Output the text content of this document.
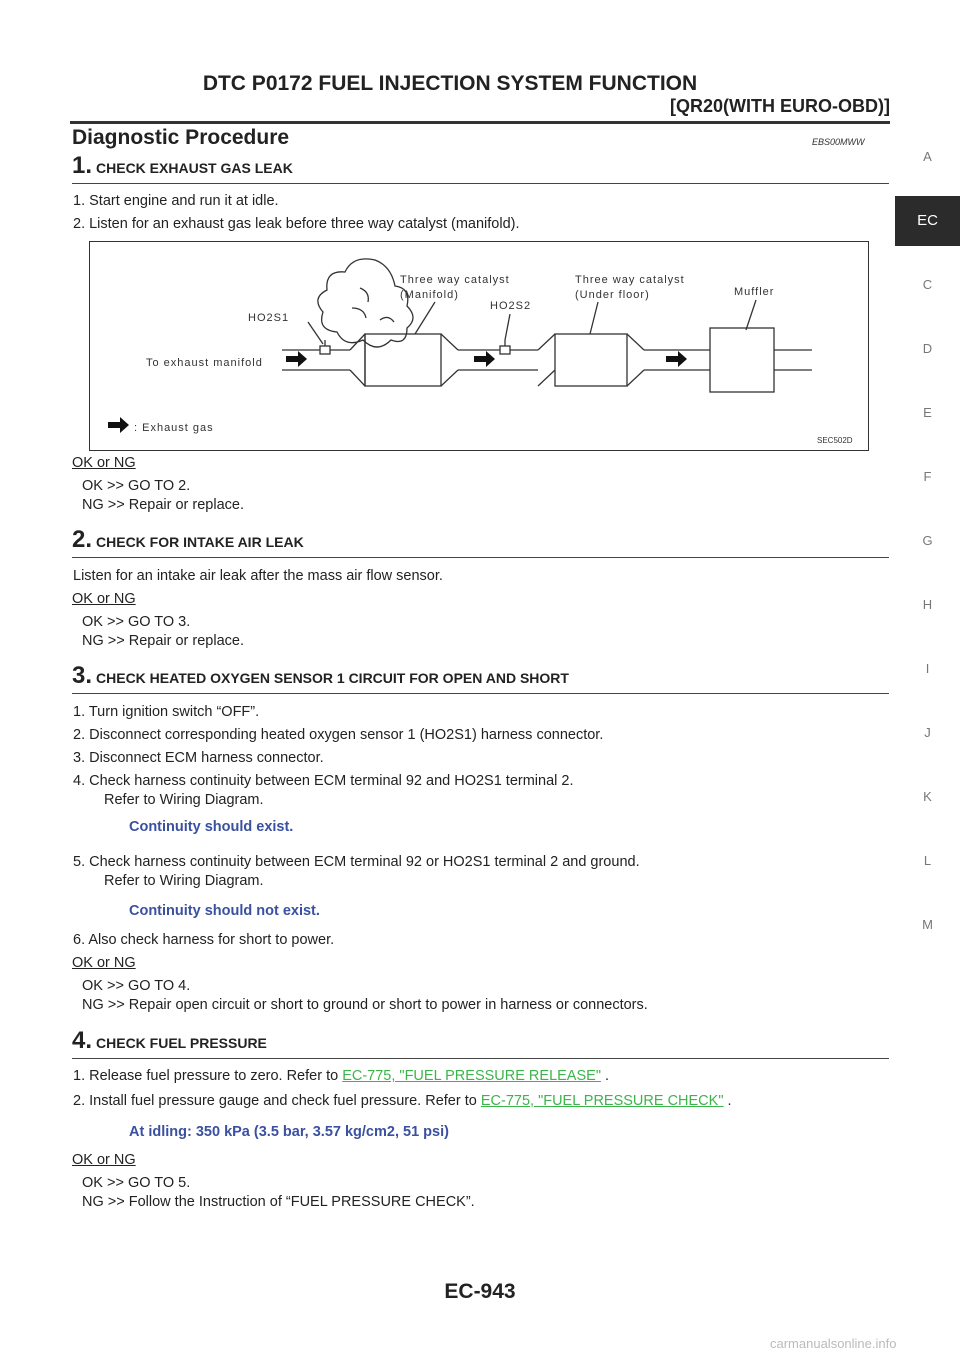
DTC P0172 FUEL INJECTION SYSTEM FUNCTION
[QR20(WITH EURO-OBD)]
Diagnostic Procedure	EBS00MWW
EC
A
C
D
E
F
G
H
I
J
K
L
M
1. CHECK EXHAUST GAS LEAK
1. Start engine and run it at idle.
2. Listen for an exhaust gas leak before three way catalyst (manifold).
HO2S1
Three way catalyst
(Manifold)
HO2S2
Three way catalyst
(Under floor)	Muffler
To exhaust manifold
: Exhaust gas
SEC502D
OK or NG
OK >> GO TO 2.
NG >> Repair or replace.
2. CHECK FOR INTAKE AIR LEAK
Listen for an intake air leak after the mass air flow sensor.
OK or NG
OK >> GO TO 3.
NG >> Repair or replace.
3. CHECK HEATED OXYGEN SENSOR 1 CIRCUIT FOR OPEN AND SHORT
1. Turn ignition switch “OFF”.
2. Disconnect corresponding heated oxygen sensor 1 (HO2S1) harness connector.
3. Disconnect ECM harness connector.
4. Check harness continuity between ECM terminal 92 and HO2S1 terminal 2.
Refer to Wiring Diagram.
Continuity should exist.
5. Check harness continuity between ECM terminal 92 or HO2S1 terminal 2 and ground.
Refer to Wiring Diagram.
Continuity should not exist.
6. Also check harness for short to power.
OK or NG
OK >> GO TO 4.
NG >> Repair open circuit or short to ground or short to power in harness or connectors.
4. CHECK FUEL PRESSURE
1. Release fuel pressure to zero. Refer to EC-775, "FUEL PRESSURE RELEASE" .
2. Install fuel pressure gauge and check fuel pressure. Refer to EC-775, "FUEL PRESSURE CHECK" .
At idling: 350 kPa (3.5 bar, 3.57 kg/cm2, 51 psi)
OK or NG
OK >> GO TO 5.
NG >> Follow the Instruction of “FUEL PRESSURE CHECK”.
EC-943
carmanualsonline.info
